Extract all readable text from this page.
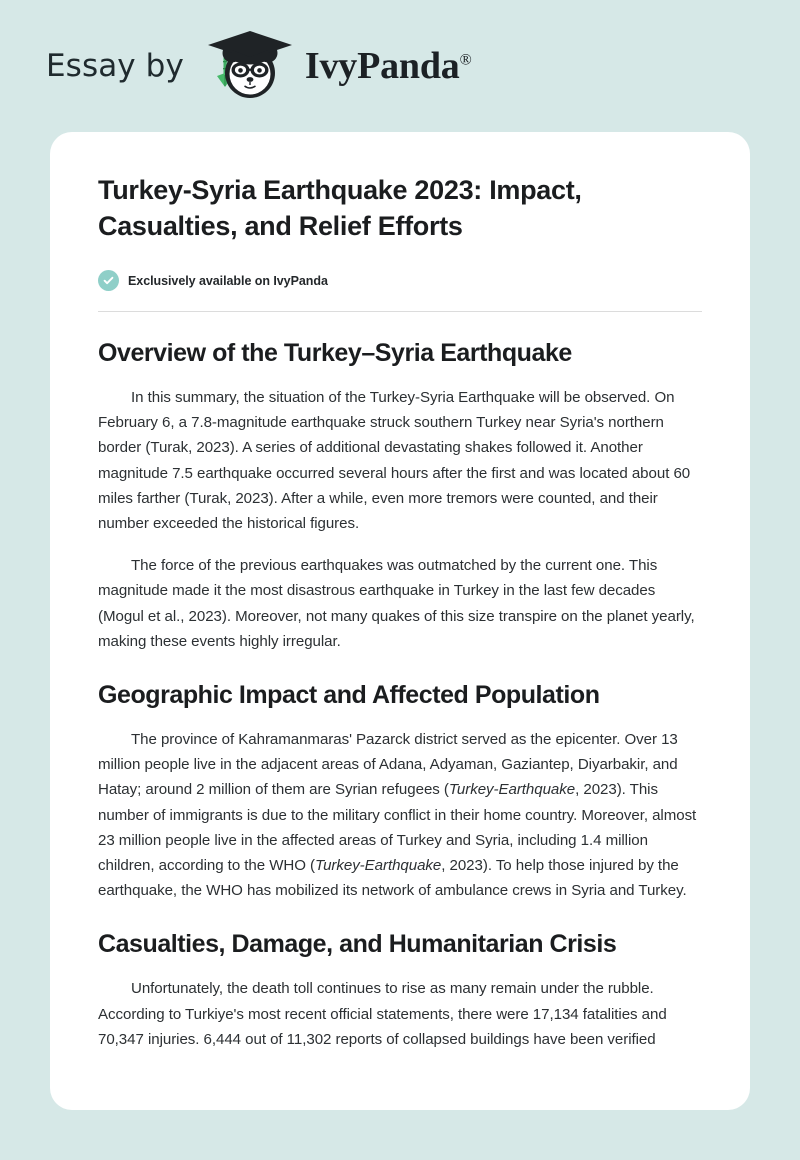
Essay by	IvyPanda®
Turkey-Syria Earthquake 2023: Impact, Casualties, and Relief Efforts
Exclusively available on IvyPanda
Overview of the Turkey–Syria Earthquake

In this summary, the situation of the Turkey-Syria Earthquake will be observed. On February 6, a 7.8-magnitude earthquake struck southern Turkey near Syria's northern border (Turak, 2023). A series of additional devastating shakes followed it. Another magnitude 7.5 earthquake occurred several hours after the first and was located about 60 miles farther (Turak, 2023). After a while, even more tremors were counted, and their number exceeded the historical figures.

The force of the previous earthquakes was outmatched by the current one. This magnitude made it the most disastrous earthquake in Turkey in the last few decades (Mogul et al., 2023). Moreover, not many quakes of this size transpire on the planet yearly, making these events highly irregular.

Geographic Impact and Affected Population

The province of Kahramanmaras' Pazarck district served as the epicenter. Over 13 million people live in the adjacent areas of Adana, Adyaman, Gaziantep, Diyarbakir, and Hatay; around 2 million of them are Syrian refugees (Turkey-Earthquake, 2023). This number of immigrants is due to the military conflict in their home country. Moreover, almost 23 million people live in the affected areas of Turkey and Syria, including 1.4 million children, according to the WHO (Turkey-Earthquake, 2023). To help those injured by the earthquake, the WHO has mobilized its network of ambulance crews in Syria and Turkey.

Casualties, Damage, and Humanitarian Crisis

Unfortunately, the death toll continues to rise as many remain under the rubble. According to Turkiye's most recent official statements, there were 17,134 fatalities and 70,347 injuries. 6,444 out of 11,302 reports of collapsed buildings have been verified
